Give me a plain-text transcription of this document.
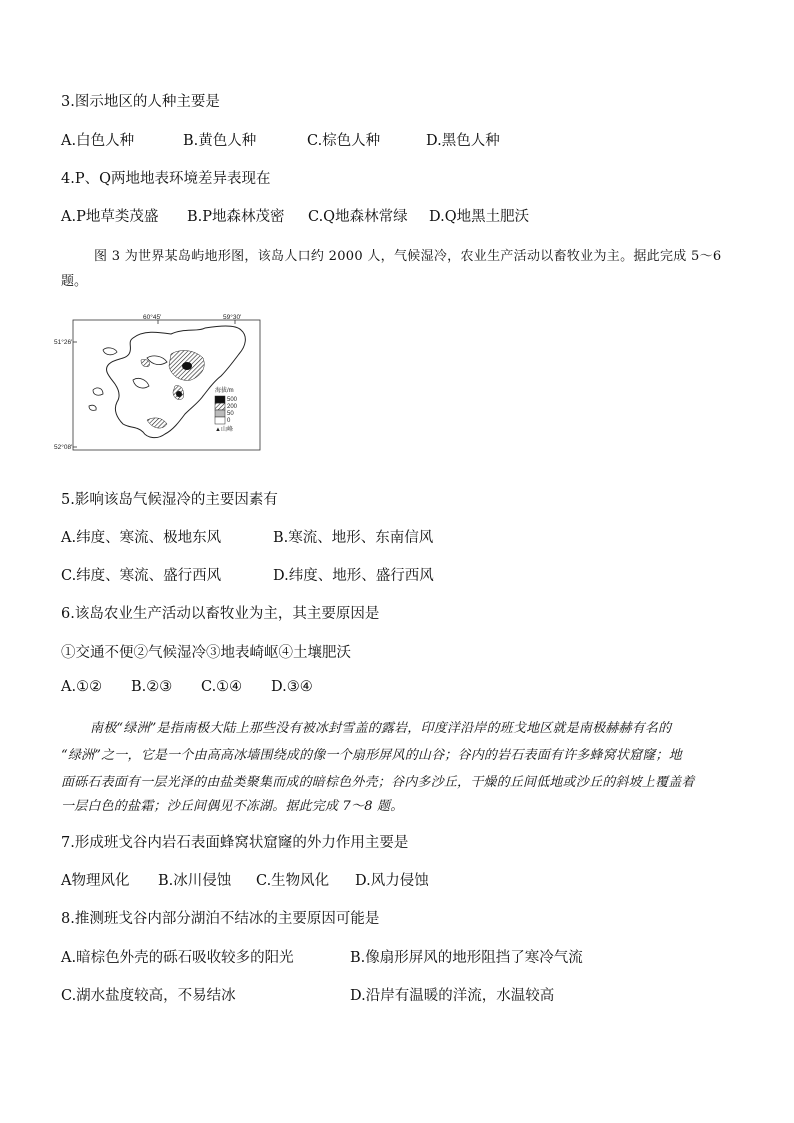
3.图示地区的人种主要是
A.白色人种	B.黄色人种	C.棕色人种	D.黑色人种
4.P、Q两地地表环境差异表现在
A.P地草类茂盛 B.P地森林茂密 C.Q地森林常绿 D.Q地黑土肥沃
图 3 为世界某岛屿地形图，该岛人口约 2000 人，气候湿冷，农业生产活动以畜牧业为主。据此完成 5～6
题。
60°45′	59°30′
51°26′
52°08′
海拔/m
500
200
50
0
▲山峰
5.影响该岛气候湿冷的主要因素有
A.纬度、寒流、极地东风	B.寒流、地形、东南信风
C.纬度、寒流、盛行西风	D.纬度、地形、盛行西风
6.该岛农业生产活动以畜牧业为主，其主要原因是
①交通不便②气候湿冷③地表崎岖④土壤肥沃
A.①② B.②③ C.①④ D.③④
南极“绿洲”是指南极大陆上那些没有被冰封雪盖的露岩，印度洋沿岸的班戈地区就是南极赫赫有名的
“绿洲”之一，它是一个由高高冰墙围绕成的像一个扇形屏风的山谷；谷内的岩石表面有许多蜂窝状窟窿；地
面砾石表面有一层光泽的由盐类聚集而成的暗棕色外壳；谷内多沙丘，干燥的丘间低地或沙丘的斜坡上覆盖着
一层白色的盐霜；沙丘间偶见不冻湖。据此完成 7～8 题。
7.形成班戈谷内岩石表面蜂窝状窟窿的外力作用主要是
A物理风化 B.冰川侵蚀 C.生物风化 D.风力侵蚀
8.推测班戈谷内部分湖泊不结冰的主要原因可能是
A.暗棕色外壳的砾石吸收较多的阳光	B.像扇形屏风的地形阻挡了寒冷气流
C.湖水盐度较高，不易结冰	D.沿岸有温暖的洋流，水温较高
